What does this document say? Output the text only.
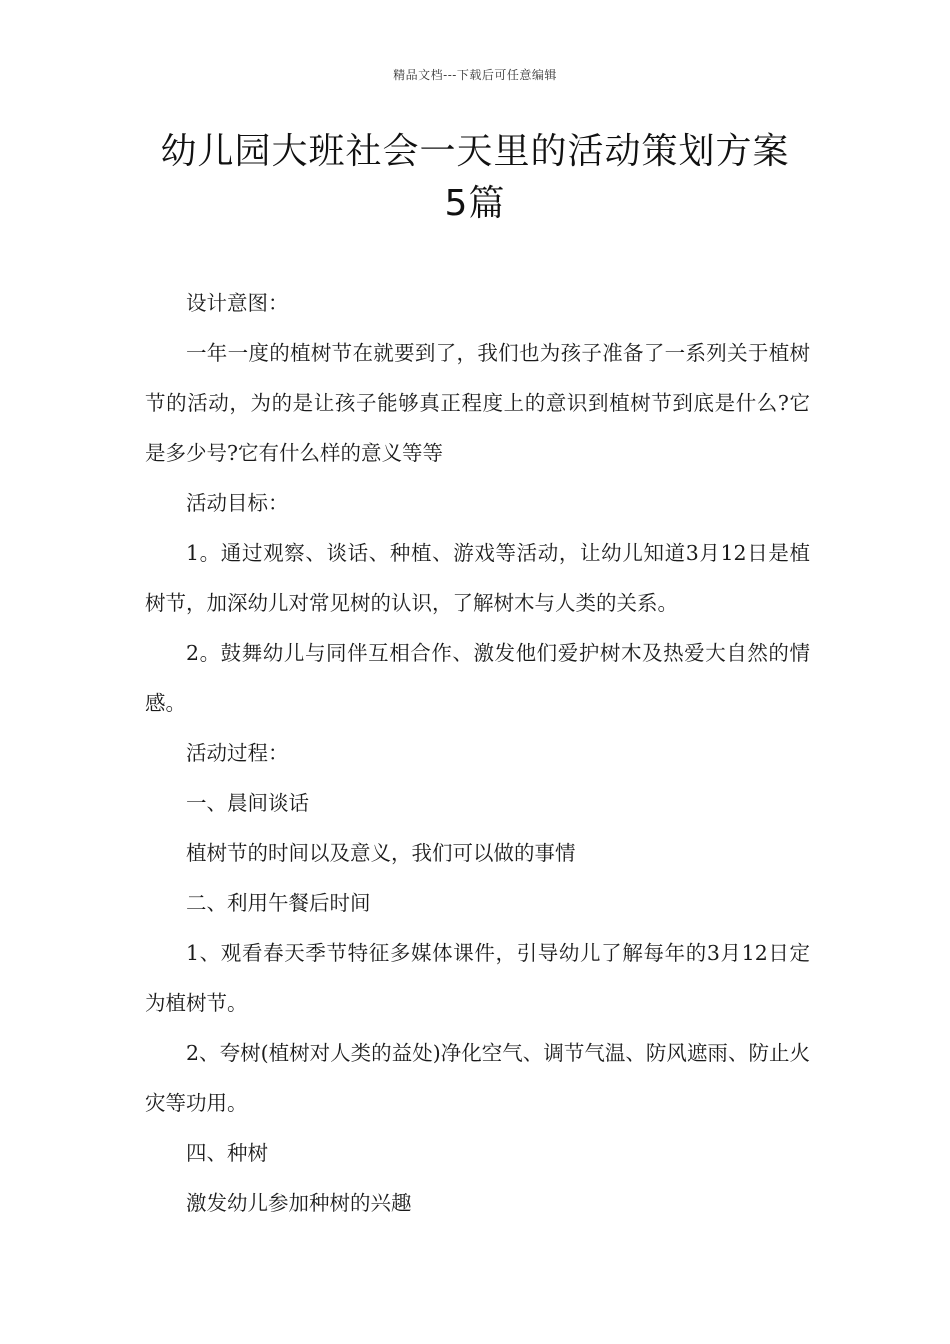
精品文档---下载后可任意编辑
幼儿园大班社会一天里的活动策划方案
5篇

设计意图：

一年一度的植树节在就要到了，我们也为孩子准备了一系列关于植树节的活动，为的是让孩子能够真正程度上的意识到植树节到底是什么?它是多少号?它有什么样的意义等等

活动目标：

1。通过观察、谈话、种植、游戏等活动，让幼儿知道3月12日是植树节，加深幼儿对常见树的认识，了解树木与人类的关系。

2。鼓舞幼儿与同伴互相合作、激发他们爱护树木及热爱大自然的情感。

活动过程：

一、晨间谈话

植树节的时间以及意义，我们可以做的事情

二、利用午餐后时间

1、观看春天季节特征多媒体课件，引导幼儿了解每年的3月12日定为植树节。

2、夸树(植树对人类的益处)净化空气、调节气温、防风遮雨、防止火灾等功用。

四、种树

激发幼儿参加种树的兴趣
